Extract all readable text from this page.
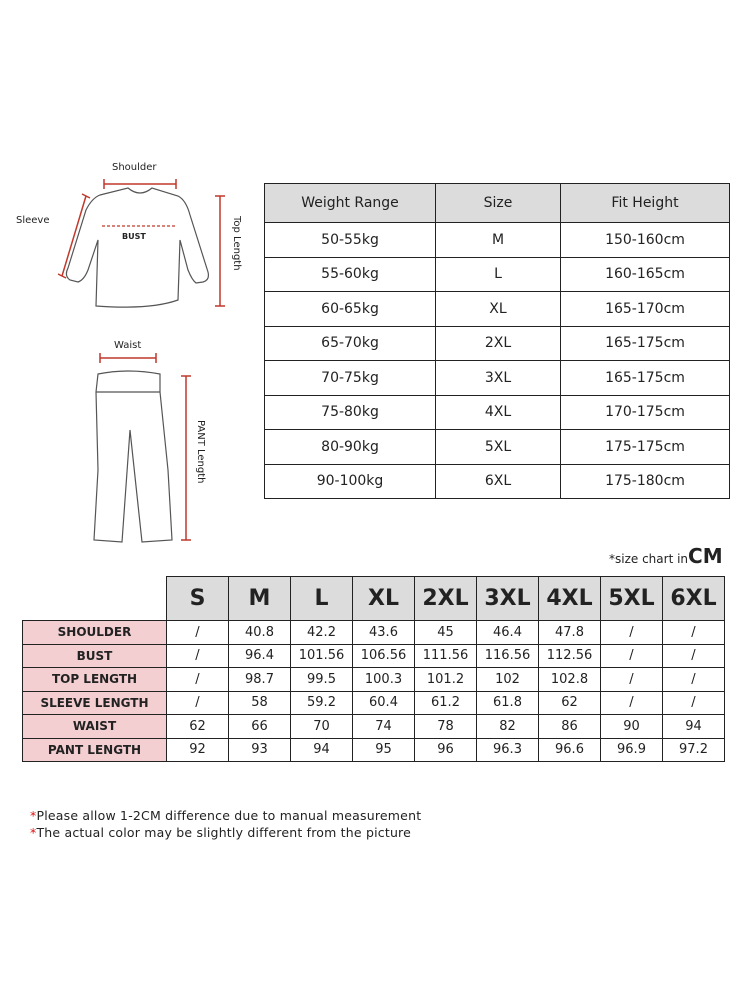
Shoulder
Sleeve
BUST	Top Length
Waist
PANT Length
Weight Range	Size	Fit Height
50-55kg	M	150-160cm
55-60kg	L	160-165cm
60-65kg	XL	165-170cm
65-70kg	2XL	165-175cm
70-75kg	3XL	165-175cm
75-80kg	4XL	170-175cm
80-90kg	5XL	175-175cm
90-100kg	6XL	175-180cm
*size chart inCM
	S	M	L	XL	2XL	3XL	4XL	5XL	6XL
SHOULDER	/	40.8	42.2	43.6	45	46.4	47.8	/	/
BUST	/	96.4	101.56	106.56	111.56	116.56	112.56	/	/
TOP LENGTH	/	98.7	99.5	100.3	101.2	102	102.8	/	/
SLEEVE LENGTH	/	58	59.2	60.4	61.2	61.8	62	/	/
WAIST	62	66	70	74	78	82	86	90	94
PANT LENGTH	92	93	94	95	96	96.3	96.6	96.9	97.2
*Please allow 1-2CM difference due to manual measurement
*The actual color may be slightly different from the picture
